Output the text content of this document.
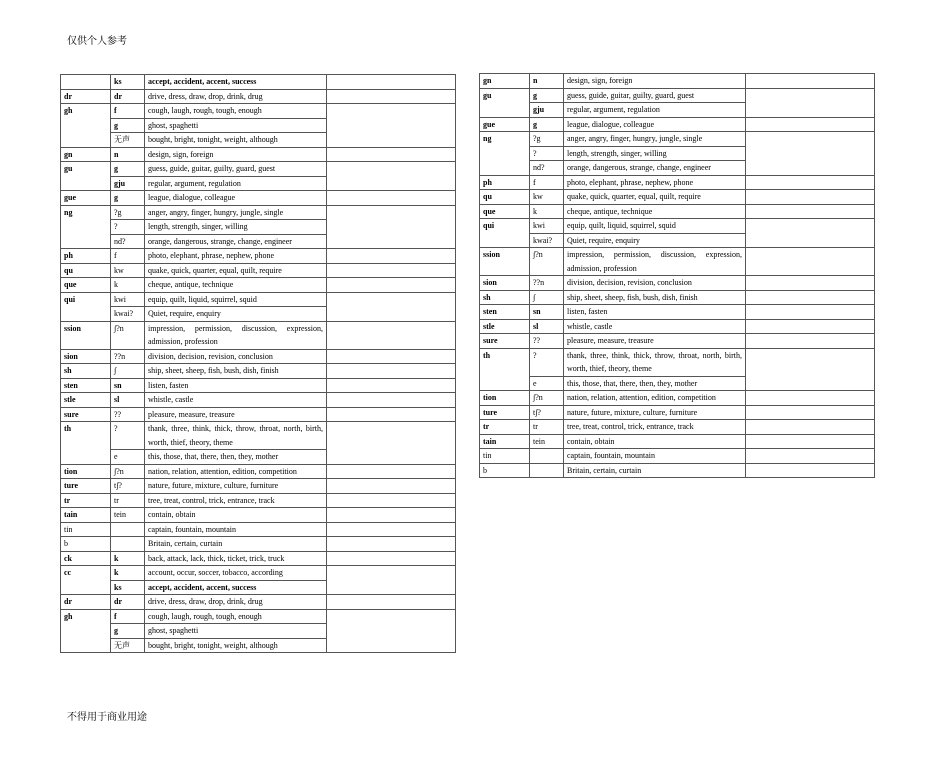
仅供个人参考
	ks	accept, accident, accent, success	
dr	dr	drive, dress, draw, drop, drink, drug	
gh	f	cough, laugh, rough, tough, enough	
	g	ghost, spaghetti	
	无声	bought, bright, tonight, weight, although	
gn	n	design, sign, foreign	
gu	g	guess, guide, guitar, guilty, guard, guest	
	gju	regular, argument, regulation	
gue	g	league, dialogue, colleague	
ng	?g	anger, angry, finger, hungry, jungle, single	
	?	length, strength, singer, willing	
	nd?	orange, dangerous, strange, change, engineer	
ph	f	photo, elephant, phrase, nephew, phone	
qu	kw	quake, quick, quarter, equal, quilt, require	
que	k	cheque, antique, technique	
qui	kwi	equip, quilt, liquid, squirrel, squid	
	kwai?	Quiet, require, enquiry	
ssion	∫?n	impression, permission, discussion, expression, admission, profession	
sion	??n	division, decision, revision, conclusion	
sh	∫	ship, sheet, sheep, fish, bush, dish, finish	
sten	sn	listen, fasten	
stle	sl	whistle, castle	
sure	??	pleasure, measure, treasure	
th	?	thank, three, think, thick, throw, throat, north, birth, worth, thief, theory, theme	
	e	this, those, that, there, then, they, mother	
tion	∫?n	nation, relation, attention, edition, competition	
ture	t∫?	nature, future, mixture, culture, furniture	
tr	tr	tree, treat, control, trick, entrance, track	
tain	tein	contain, obtain	
tin		captain, fountain, mountain	
b		Britain, certain, curtain	
ck	k	back, attack, lack, thick, ticket, trick, truck	
cc	k	account, occur, soccer, tobacco, according	
	ks	accept, accident, accent, success	
dr	dr	drive, dress, draw, drop, drink, drug	
gh	f	cough, laugh, rough, tough, enough	
	g	ghost, spaghetti	
	无声	bought, bright, tonight, weight, although	
gn	n	design, sign, foreign	
gu	g	guess, guide, guitar, guilty, guard, guest	
	gju	regular, argument, regulation	
gue	g	league, dialogue, colleague	
ng	?g	anger, angry, finger, hungry, jungle, single	
	?	length, strength, singer, willing	
	nd?	orange, dangerous, strange, change, engineer	
ph	f	photo, elephant, phrase, nephew, phone	
qu	kw	quake, quick, quarter, equal, quilt, require	
que	k	cheque, antique, technique	
qui	kwi	equip, quilt, liquid, squirrel, squid	
	kwai?	Quiet, require, enquiry	
ssion	∫?n	impression, permission, discussion, expression, admission, profession	
sion	??n	division, decision, revision, conclusion	
sh	∫	ship, sheet, sheep, fish, bush, dish, finish	
sten	sn	listen, fasten	
stle	sl	whistle, castle	
sure	??	pleasure, measure, treasure	
th	?	thank, three, think, thick, throw, throat, north, birth, worth, thief, theory, theme	
	e	this, those, that, there, then, they, mother	
tion	∫?n	nation, relation, attention, edition, competition	
ture	t∫?	nature, future, mixture, culture, furniture	
tr	tr	tree, treat, control, trick, entrance, track	
tain	tein	contain, obtain	
tin		captain, fountain, mountain	
b		Britain, certain, curtain	
不得用于商业用途
